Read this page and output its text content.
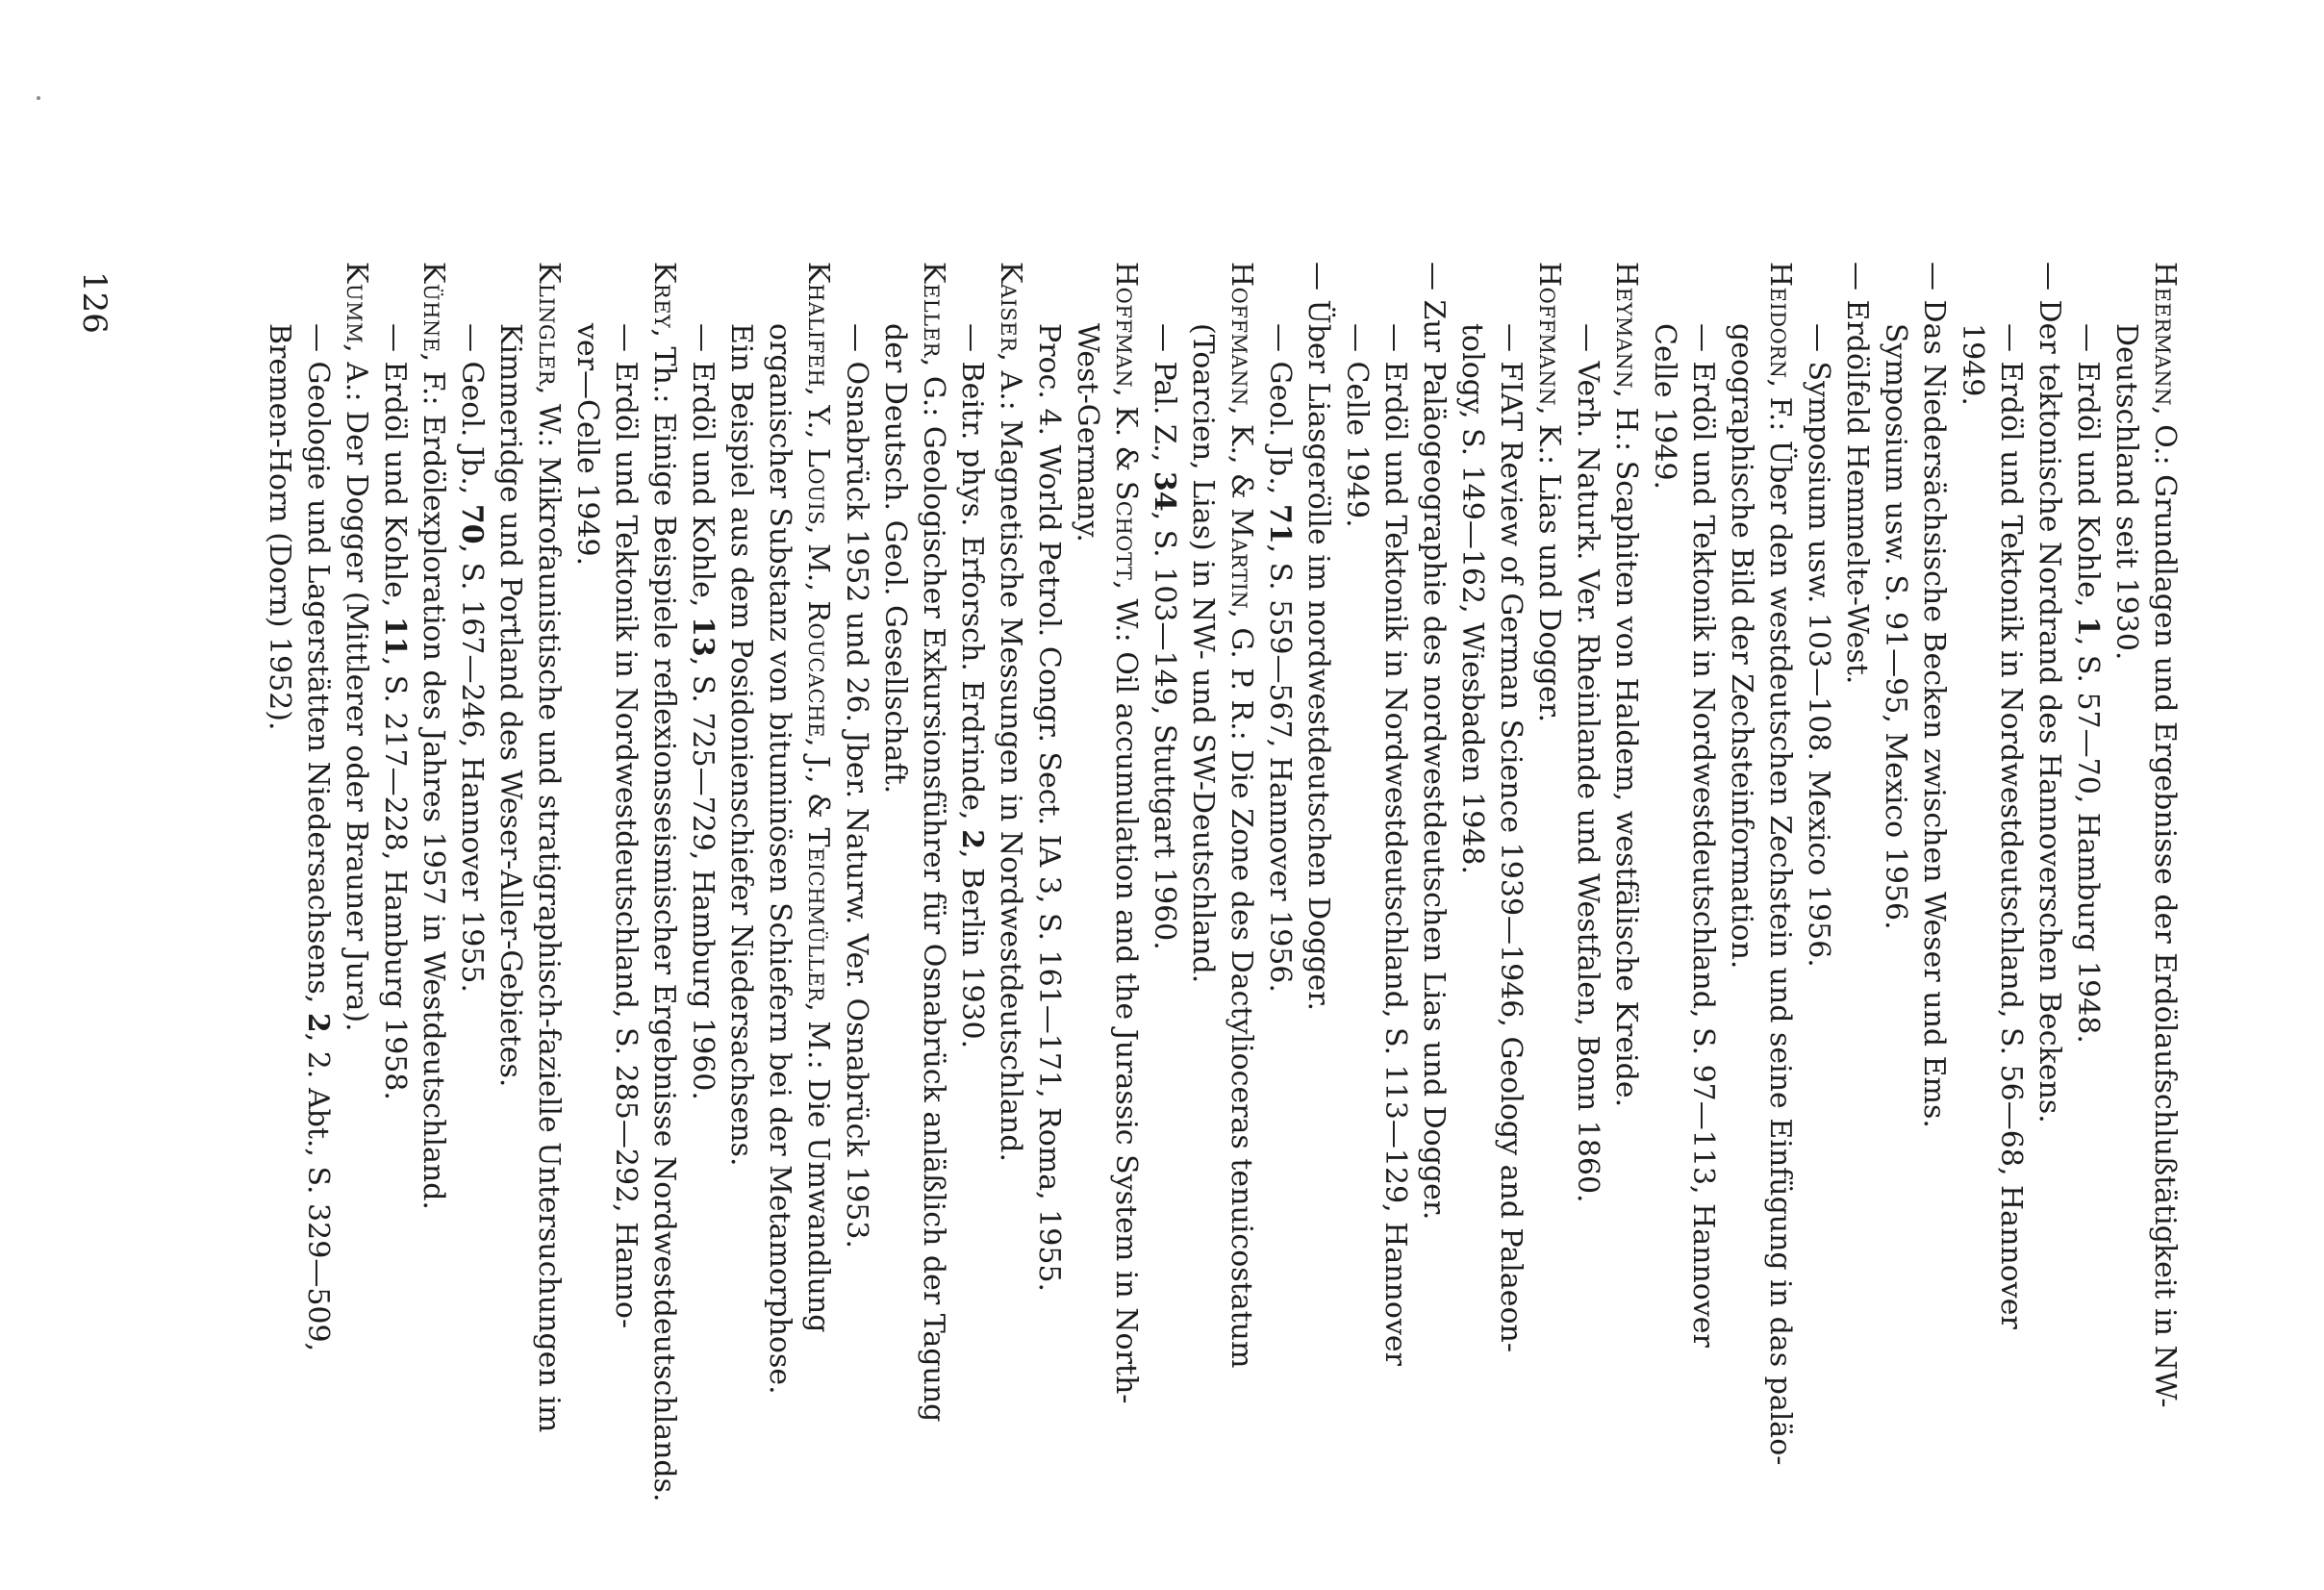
Heermann, O.: Grundlagen und Ergebnisse der Erdölaufschlußtätigkeit in NW-
Deutschland seit 1930.
— Erdöl und Kohle, 1, S. 57—70, Hamburg 1948.
— Der tektonische Nordrand des Hannoverschen Beckens.
— Erdöl und Tektonik in Nordwestdeutschland, S. 56—68, Hannover
1949.
— Das Niedersächsische Becken zwischen Weser und Ems.
Symposium usw. S. 91—95, Mexico 1956.
— Erdölfeld Hemmelte-West.
— Symposium usw. 103—108. Mexico 1956.
Heidorn, F.: Über den westdeutschen Zechstein und seine Einfügung in das paläo-
geographische Bild der Zechsteinformation.
— Erdöl und Tektonik in Nordwestdeutschland, S. 97—113, Hannover
Celle 1949.
Heymann, H.: Scaphiten von Haldem, westfälische Kreide.
— Verh. Naturk. Ver. Rheinlande und Westfalen, Bonn 1860.
Hoffmann, K.: Lias und Dogger.
— FIAT Review of German Science 1939—1946, Geology and Palaeon-
tology, S. 149—162, Wiesbaden 1948.
— Zur Paläogeographie des nordwestdeutschen Lias und Dogger.
— Erdöl und Tektonik in Nordwestdeutschland, S. 113—129, Hannover
— Celle 1949.
— Über Liasgerölle im nordwestdeutschen Dogger.
— Geol. Jb., 71, S. 559—567, Hannover 1956.
Hoffmann, K., & Martin, G. P. R.: Die Zone des Dactylioceras tenuicostatum
(Toarcien, Lias) in NW- und SW-Deutschland.
— Pal. Z., 34, S. 103—149, Stuttgart 1960.
Hoffman, K. & Schott, W.: Oil accumulation and the Jurassic System in North-
West-Germany.
Proc. 4. World Petrol. Congr. Sect. IA 3, S. 161—171, Roma, 1955.
Kaiser, A.: Magnetische Messungen in Nordwestdeutschland.
— Beitr. phys. Erforsch. Erdrinde, 2, Berlin 1930.
Keller, G.: Geologischer Exkursionsführer für Osnabrück anläßlich der Tagung
der Deutsch. Geol. Gesellschaft.
— Osnabrück 1952 und 26. Jber. Naturw. Ver. Osnabrück 1953.
Khalifeh, Y., Louis, M., Roucache, J., & Teichmüller, M.: Die Umwandlung
organischer Substanz von bituminösen Schiefern bei der Metamorphose.
Ein Beispiel aus dem Posidonienschiefer Niedersachsens.
— Erdöl und Kohle, 13, S. 725—729, Hamburg 1960.
Krey, Th.: Einige Beispiele reflexionsseismischer Ergebnisse Nordwestdeutschlands.
— Erdöl und Tektonik in Nordwestdeutschland, S. 285—292, Hanno-
ver—Celle 1949.
Klingler, W.: Mikrofaunistische und stratigraphisch-fazielle Untersuchungen im
Kimmeridge und Portland des Weser-Aller-Gebietes.
— Geol. Jb., 70, S. 167—246, Hannover 1955.
Kühne, F.: Erdölexploration des Jahres 1957 in Westdeutschland.
— Erdöl und Kohle, 11, S. 217—228, Hamburg 1958.
Kumm, A.: Der Dogger (Mittlerer oder Brauner Jura).
— Geologie und Lagerstätten Niedersachsens, 2, 2. Abt., S. 329—509,
Bremen-Horn (Dorn) 1952).
126
